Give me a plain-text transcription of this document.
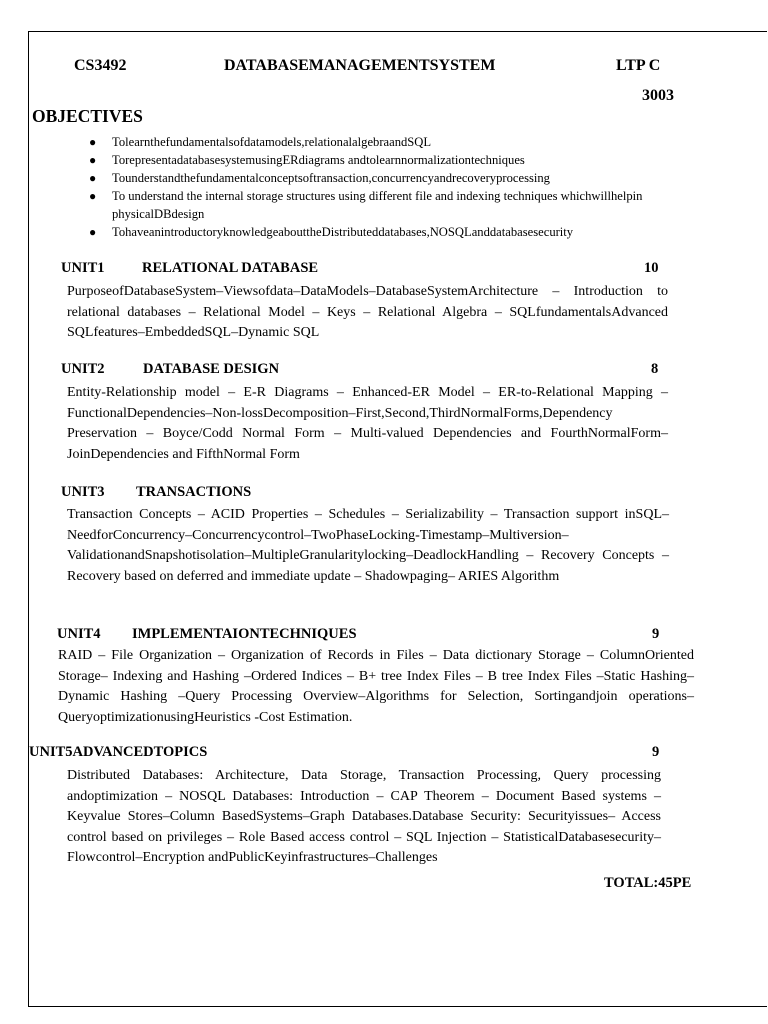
CS3492	DATABASEMANAGEMENTSYSTEM	LTP C
3003
OBJECTIVES
● Tolearnthefundamentalsofdatamodels,relationalalgebraandSQL
● TorepresentadatabasesystemusingERdiagrams andtolearnnormalizationtechniques
● Tounderstandthefundamentalconceptsoftransaction,concurrencyandrecoveryprocessing
● To understand the internal storage structures using different file and indexing techniques whichwillhelpin physicalDBdesign
● TohaveanintroductoryknowledgeabouttheDistributeddatabases,NOSQLanddatabasesecurity
UNIT1	RELATIONAL DATABASE	10
PurposeofDatabaseSystem–Viewsofdata–DataModels–DatabaseSystemArchitecture – Introduction to relational databases – Relational Model – Keys – Relational Algebra – SQLfundamentalsAdvanced SQLfeatures–EmbeddedSQL–Dynamic SQL
UNIT2	DATABASE DESIGN	8
Entity-Relationship model – E-R Diagrams – Enhanced-ER Model – ER-to-Relational Mapping – FunctionalDependencies–Non-lossDecomposition–First,Second,ThirdNormalForms,Dependency Preservation – Boyce/Codd Normal Form – Multi-valued Dependencies and FourthNormalForm– JoinDependencies and FifthNormal Form
UNIT3 TRANSACTIONS
Transaction Concepts – ACID Properties – Schedules – Serializability – Transaction support inSQL–NeedforConcurrency–Concurrencycontrol–TwoPhaseLocking-Timestamp–Multiversion– ValidationandSnapshotisolation–MultipleGranularitylocking–DeadlockHandling – Recovery Concepts – Recovery based on deferred and immediate update – Shadowpaging– ARIES Algorithm
UNIT4 IMPLEMENTAIONTECHNIQUES	9
RAID – File Organization – Organization of Records in Files – Data dictionary Storage – ColumnOriented Storage– Indexing and Hashing –Ordered Indices – B+ tree Index Files – B tree Index Files –Static Hashing– Dynamic Hashing –Query Processing Overview–Algorithms for Selection, Sortingandjoin operations–QueryoptimizationusingHeuristics -Cost Estimation.
UNIT5ADVANCEDTOPICS	9
Distributed Databases: Architecture, Data Storage, Transaction Processing, Query processing andoptimization – NOSQL Databases: Introduction – CAP Theorem – Document Based systems – Keyvalue Stores–Column BasedSystems–Graph Databases.Database Security: Securityissues– Access control based on privileges – Role Based access control – SQL Injection – StatisticalDatabasesecurity–Flowcontrol–Encryption andPublicKeyinfrastructures–Challenges
TOTAL:45PE
